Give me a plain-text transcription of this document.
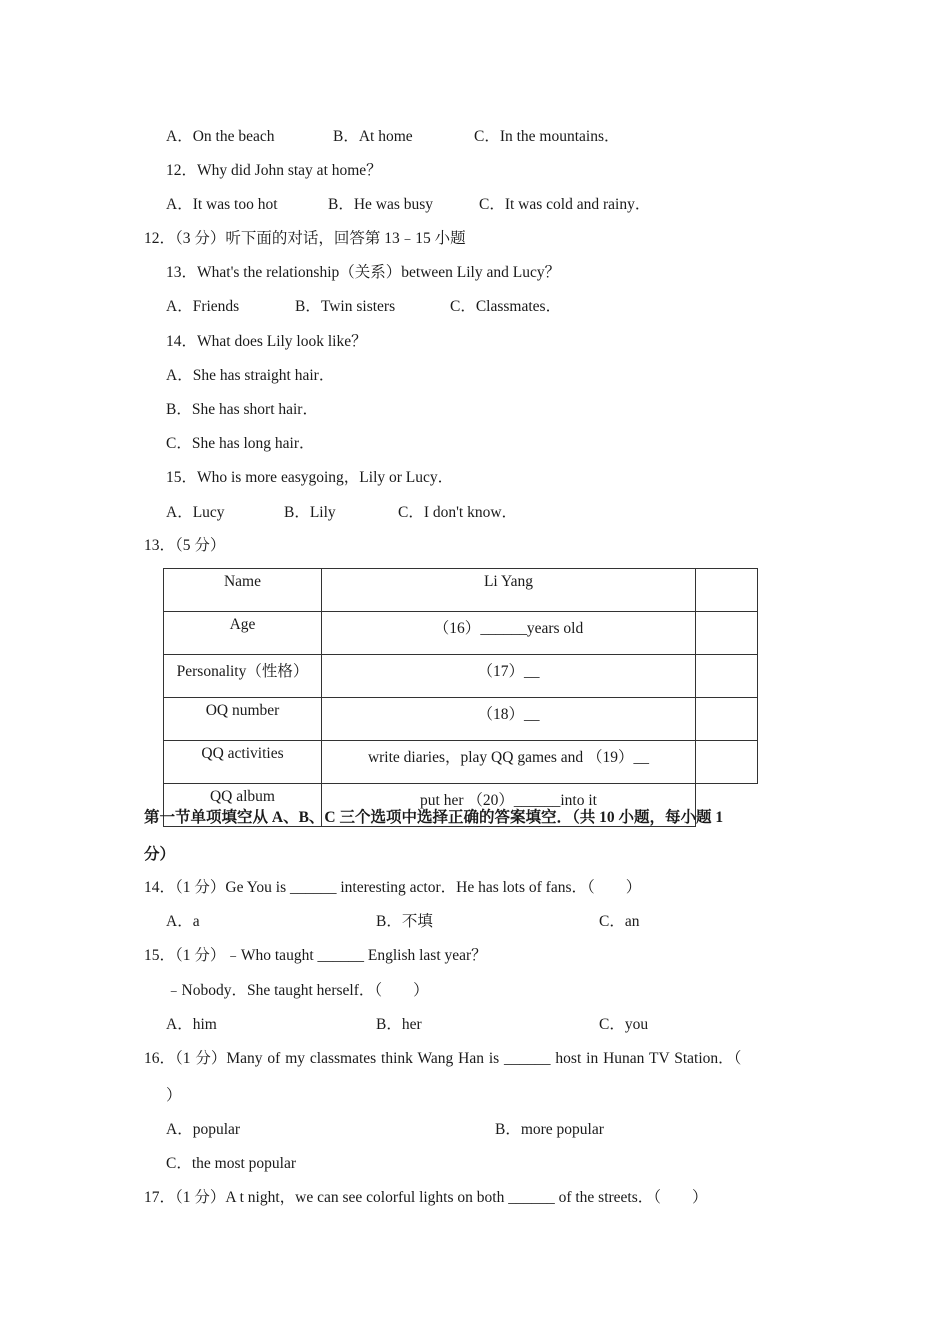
A．On the beach	B．At home	C．In the mountains．
12．Why did John stay at home？
A．It was too hot	B．He was busy	C．It was cold and rainy．
12．（3 分）听下面的对话，回答第 13﹣15 小题
13．What's the relationship（关系）between Lily and Lucy？
A．Friends	B．Twin sisters	C．Classmates．
14．What does Lily look like？
A．She has straight hair．
B．She has short hair．
C．She has long hair．
15．Who is more easygoing，Lily or Lucy．
A．Lucy	B．Lily	C．I don't know．
13．（5 分）
Name	Li Yang	
Age	（16）______years old	
Personality（性格）	（17）__	
OQ number	（18）__	
QQ activities	write diaries，play QQ games and （19）__	
QQ album	put her （20）______into it	
第一节单项填空从 A、B、C 三个选项中选择正确的答案填空．（共 10 小题，每小题 1
分）
14．（1 分）Ge You is ______ interesting actor．He has lots of fans．（　　）
A．a	B．不填	C．an
15．（1 分）﹣Who taught ______ English last year？
﹣Nobody．She taught herself．（　　）
A．him	B．her	C．you
16．（1 分）Many of my classmates think Wang Han is ______ host in Hunan TV Station．（
）
A．popular	B．more popular
C．the most popular
17．（1 分）A t night，we can see colorful lights on both ______ of the streets．（　　）
